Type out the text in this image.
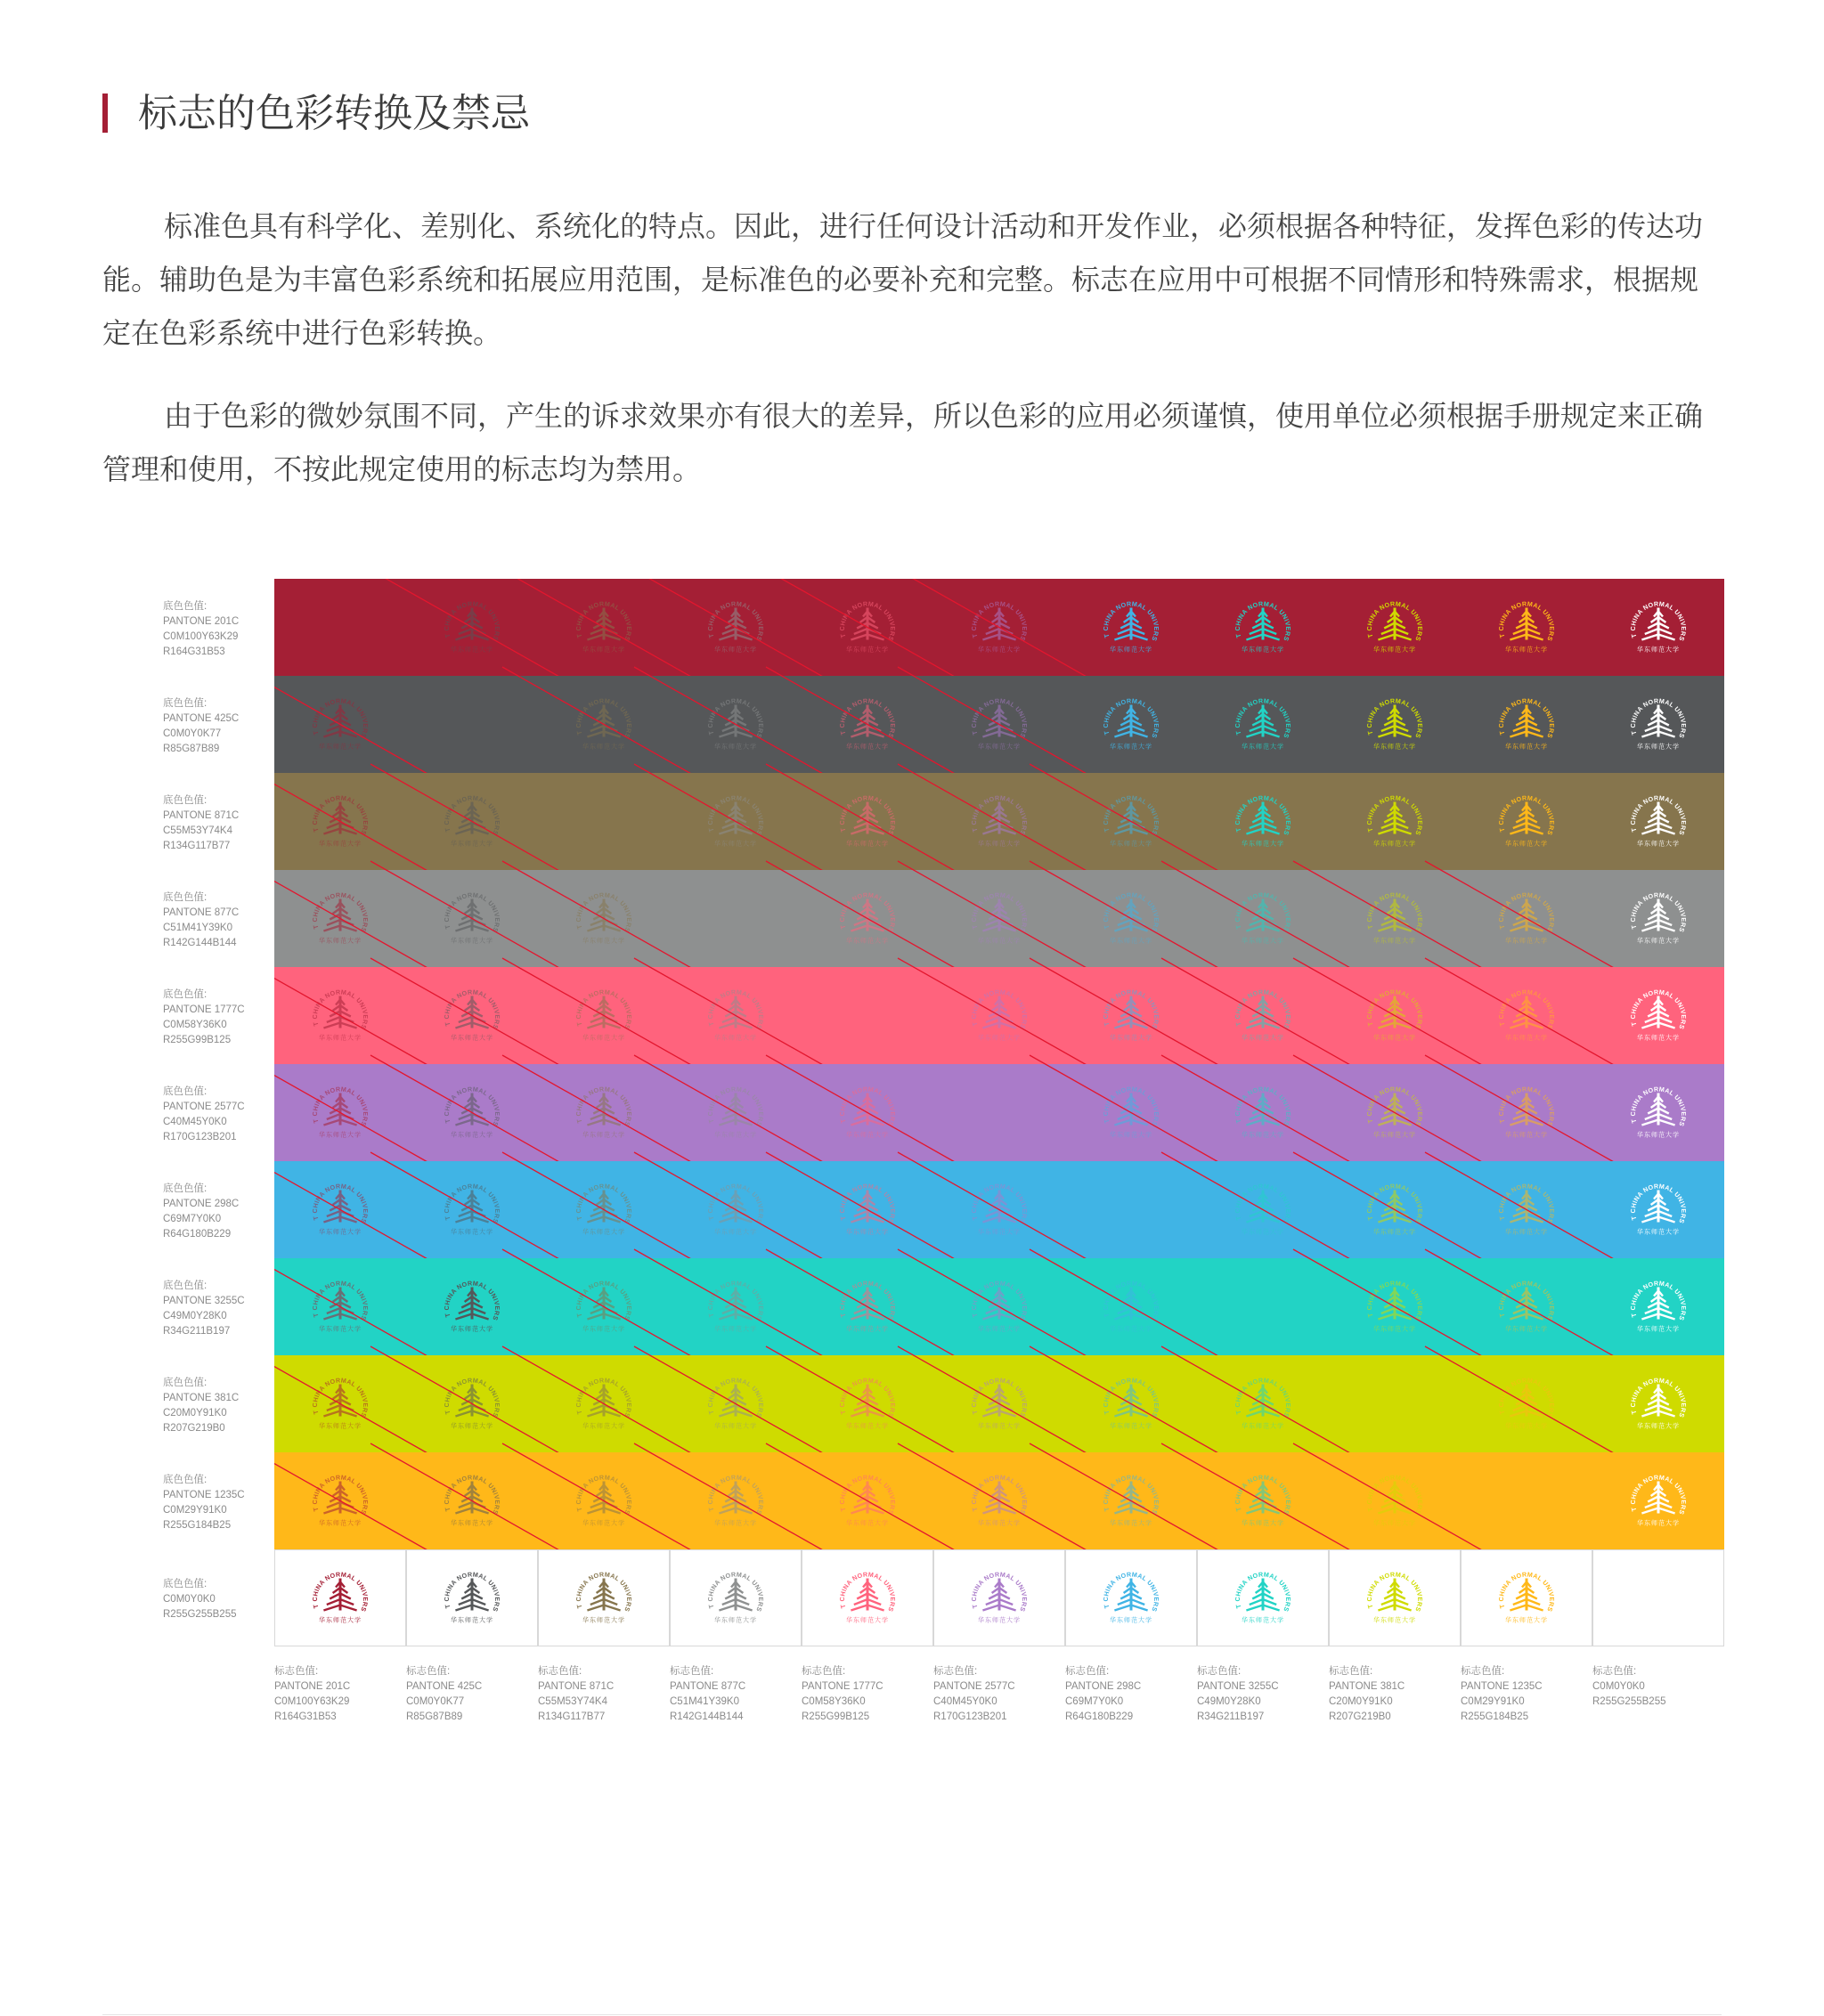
标志的色彩转换及禁忌

标准色具有科学化、差别化、系统化的特点。因此，进行任何设计活动和开发作业，必须根据各种特征，发挥色彩的传达功能。辅助色是为丰富色彩系统和拓展应用范围，是标准色的必要补充和完整。标志在应用中可根据不同情形和特殊需求，根据规定在色彩系统中进行色彩转换。

由于色彩的微妙氛围不同，产生的诉求效果亦有很大的差异，所以色彩的应用必须谨慎，使用单位必须根据手册规定来正确管理和使用，不按此规定使用的标志均为禁用。

底色色值:
PANTONE 201C
C0M100Y63K29
R164G31B53
底色色值:
PANTONE 425C
C0M0Y0K77
R85G87B89
底色色值:
PANTONE 871C
C55M53Y74K4
R134G117B77
底色色值:
PANTONE 877C
C51M41Y39K0
R142G144B144
底色色值:
PANTONE 1777C
C0M58Y36K0
R255G99B125
底色色值:
PANTONE 2577C
C40M45Y0K0
R170G123B201
底色色值:
PANTONE 298C
C69M7Y0K0
R64G180B229
底色色值:
PANTONE 3255C
C49M0Y28K0
R34G211B197
底色色值:
PANTONE 381C
C20M0Y91K0
R207G219B0
底色色值:
PANTONE 1235C
C0M29Y91K0
R255G184B25
底色色值:
C0M0Y0K0
R255G255B255
标志色值:
PANTONE 201C
C0M100Y63K29
R164G31B53
标志色值:
PANTONE 425C
C0M0Y0K77
R85G87B89
标志色值:
PANTONE 871C
C55M53Y74K4
R134G117B77
标志色值:
PANTONE 877C
C51M41Y39K0
R142G144B144
标志色值:
PANTONE 1777C
C0M58Y36K0
R255G99B125
标志色值:
PANTONE 2577C
C40M45Y0K0
R170G123B201
标志色值:
PANTONE 298C
C69M7Y0K0
R64G180B229
标志色值:
PANTONE 3255C
C49M0Y28K0
R34G211B197
标志色值:
PANTONE 381C
C20M0Y91K0
R207G219B0
标志色值:
PANTONE 1235C
C0M29Y91K0
R255G184B25
标志色值:
C0M0Y0K0
R255G255B255
T CHINA NORMAL UNIVERS
华东师范大学
T CHINA NORMAL UNIVERS
华东师范大学
T CHINA NORMAL UNIVERS
华东师范大学
T CHINA NORMAL UNIVERS
华东师范大学
T CHINA NORMAL UNIVERS
华东师范大学
T CHINA NORMAL UNIVERS
华东师范大学
T CHINA NORMAL UNIVERS
华东师范大学
T CHINA NORMAL UNIVERS
华东师范大学
T CHINA NORMAL UNIVERS
华东师范大学
T CHINA NORMAL UNIVERS
华东师范大学
T CHINA NORMAL UNIVERS
华东师范大学
T CHINA NORMAL UNIVERS
华东师范大学
T CHINA NORMAL UNIVERS
华东师范大学
T CHINA NORMAL UNIVERS
华东师范大学
T CHINA NORMAL UNIVERS
华东师范大学
T CHINA NORMAL UNIVERS
华东师范大学
T CHINA NORMAL UNIVERS
华东师范大学
T CHINA NORMAL UNIVERS
华东师范大学
T CHINA NORMAL UNIVERS
华东师范大学
T CHINA NORMAL UNIVERS
华东师范大学
T CHINA NORMAL UNIVERS
华东师范大学
T CHINA NORMAL UNIVERS
华东师范大学
T CHINA NORMAL UNIVERS
华东师范大学
T CHINA NORMAL UNIVERS
华东师范大学
T CHINA NORMAL UNIVERS
华东师范大学
T CHINA NORMAL UNIVERS
华东师范大学
T CHINA NORMAL UNIVERS
华东师范大学
T CHINA NORMAL UNIVERS
华东师范大学
T CHINA NORMAL UNIVERS
华东师范大学
T CHINA NORMAL UNIVERS
华东师范大学
T CHINA NORMAL UNIVERS
华东师范大学
T CHINA NORMAL UNIVERS
华东师范大学
T CHINA NORMAL UNIVERS
华东师范大学
T CHINA NORMAL UNIVERS
华东师范大学
T CHINA NORMAL UNIVERS
华东师范大学
T CHINA NORMAL UNIVERS
华东师范大学
T CHINA NORMAL UNIVERS
华东师范大学
T CHINA NORMAL UNIVERS
华东师范大学
T CHINA NORMAL UNIVERS
华东师范大学
T CHINA NORMAL UNIVERS
华东师范大学
T CHINA NORMAL UNIVERS
华东师范大学
T CHINA NORMAL UNIVERS
华东师范大学
T CHINA NORMAL UNIVERS
华东师范大学
T CHINA NORMAL UNIVERS
华东师范大学
T CHINA NORMAL UNIVERS
华东师范大学
T CHINA NORMAL UNIVERS
华东师范大学
T CHINA NORMAL UNIVERS
华东师范大学
T CHINA NORMAL UNIVERS
华东师范大学
T CHINA NORMAL UNIVERS
华东师范大学
T CHINA NORMAL UNIVERS
华东师范大学
T CHINA NORMAL UNIVERS
华东师范大学
T CHINA NORMAL UNIVERS
华东师范大学
T CHINA NORMAL UNIVERS
华东师范大学
T CHINA NORMAL UNIVERS
华东师范大学
T CHINA NORMAL UNIVERS
华东师范大学
T CHINA NORMAL UNIVERS
华东师范大学
T CHINA NORMAL UNIVERS
华东师范大学
T CHINA NORMAL UNIVERS
华东师范大学
T CHINA NORMAL UNIVERS
华东师范大学
T CHINA NORMAL UNIVERS
华东师范大学
T CHINA NORMAL UNIVERS
华东师范大学
T CHINA NORMAL UNIVERS
华东师范大学
T CHINA NORMAL UNIVERS
华东师范大学
T CHINA NORMAL UNIVERS
华东师范大学
T CHINA NORMAL UNIVERS
华东师范大学
T CHINA NORMAL UNIVERS
华东师范大学
T CHINA NORMAL UNIVERS
华东师范大学
T CHINA NORMAL UNIVERS
华东师范大学
T CHINA NORMAL UNIVERS
华东师范大学
T CHINA NORMAL UNIVERS
华东师范大学
T CHINA NORMAL UNIVERS
华东师范大学
T CHINA NORMAL UNIVERS
华东师范大学
T CHINA NORMAL UNIVERS
华东师范大学
T CHINA NORMAL UNIVERS
华东师范大学
T CHINA NORMAL UNIVERS
华东师范大学
T CHINA NORMAL UNIVERS
华东师范大学
T CHINA NORMAL UNIVERS
华东师范大学
T CHINA NORMAL UNIVERS
华东师范大学
T CHINA NORMAL UNIVERS
华东师范大学
T CHINA NORMAL UNIVERS
华东师范大学
T CHINA NORMAL UNIVERS
华东师范大学
T CHINA NORMAL UNIVERS
华东师范大学
T CHINA NORMAL UNIVERS
华东师范大学
T CHINA NORMAL UNIVERS
华东师范大学
T CHINA NORMAL UNIVERS
华东师范大学
T CHINA NORMAL UNIVERS
华东师范大学
T CHINA NORMAL UNIVERS
华东师范大学
T CHINA NORMAL UNIVERS
华东师范大学
T CHINA NORMAL UNIVERS
华东师范大学
T CHINA NORMAL UNIVERS
华东师范大学
T CHINA NORMAL UNIVERS
华东师范大学
T CHINA NORMAL UNIVERS
华东师范大学
T CHINA NORMAL UNIVERS
华东师范大学
T CHINA NORMAL UNIVERS
华东师范大学
T CHINA NORMAL UNIVERS
华东师范大学
T CHINA NORMAL UNIVERS
华东师范大学
T CHINA NORMAL UNIVERS
华东师范大学
T CHINA NORMAL UNIVERS
华东师范大学
T CHINA NORMAL UNIVERS
华东师范大学
T CHINA NORMAL UNIVERS
华东师范大学
T CHINA NORMAL UNIVERS
华东师范大学
T CHINA NORMAL UNIVERS
华东师范大学
T CHINA NORMAL UNIVERS
华东师范大学
T CHINA NORMAL UNIVERS
华东师范大学
T CHINA NORMAL UNIVERS
华东师范大学
T CHINA NORMAL UNIVERS
华东师范大学
T CHINA NORMAL UNIVERS
华东师范大学
T CHINA NORMAL UNIVERS
华东师范大学
T CHINA NORMAL UNIVERS
华东师范大学
T CHINA NORMAL UNIVERS
华东师范大学
